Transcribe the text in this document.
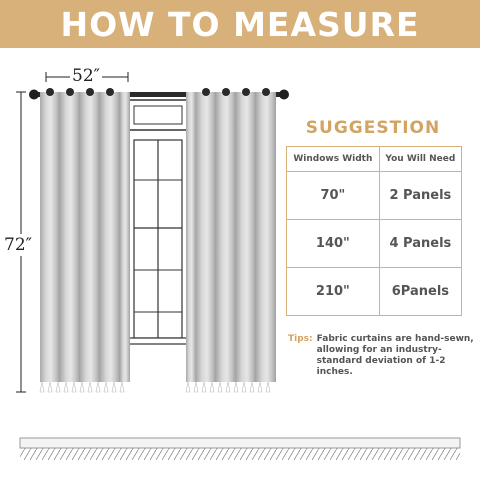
HOW TO MEASURE
52″
72″
SUGGESTION
Windows Width	You Will Need
70"	2 Panels
140"	4 Panels
210"	6Panels
Tips: Fabric curtains are hand-sewn, allowing for an industry-standard deviation of 1-2 inches.
